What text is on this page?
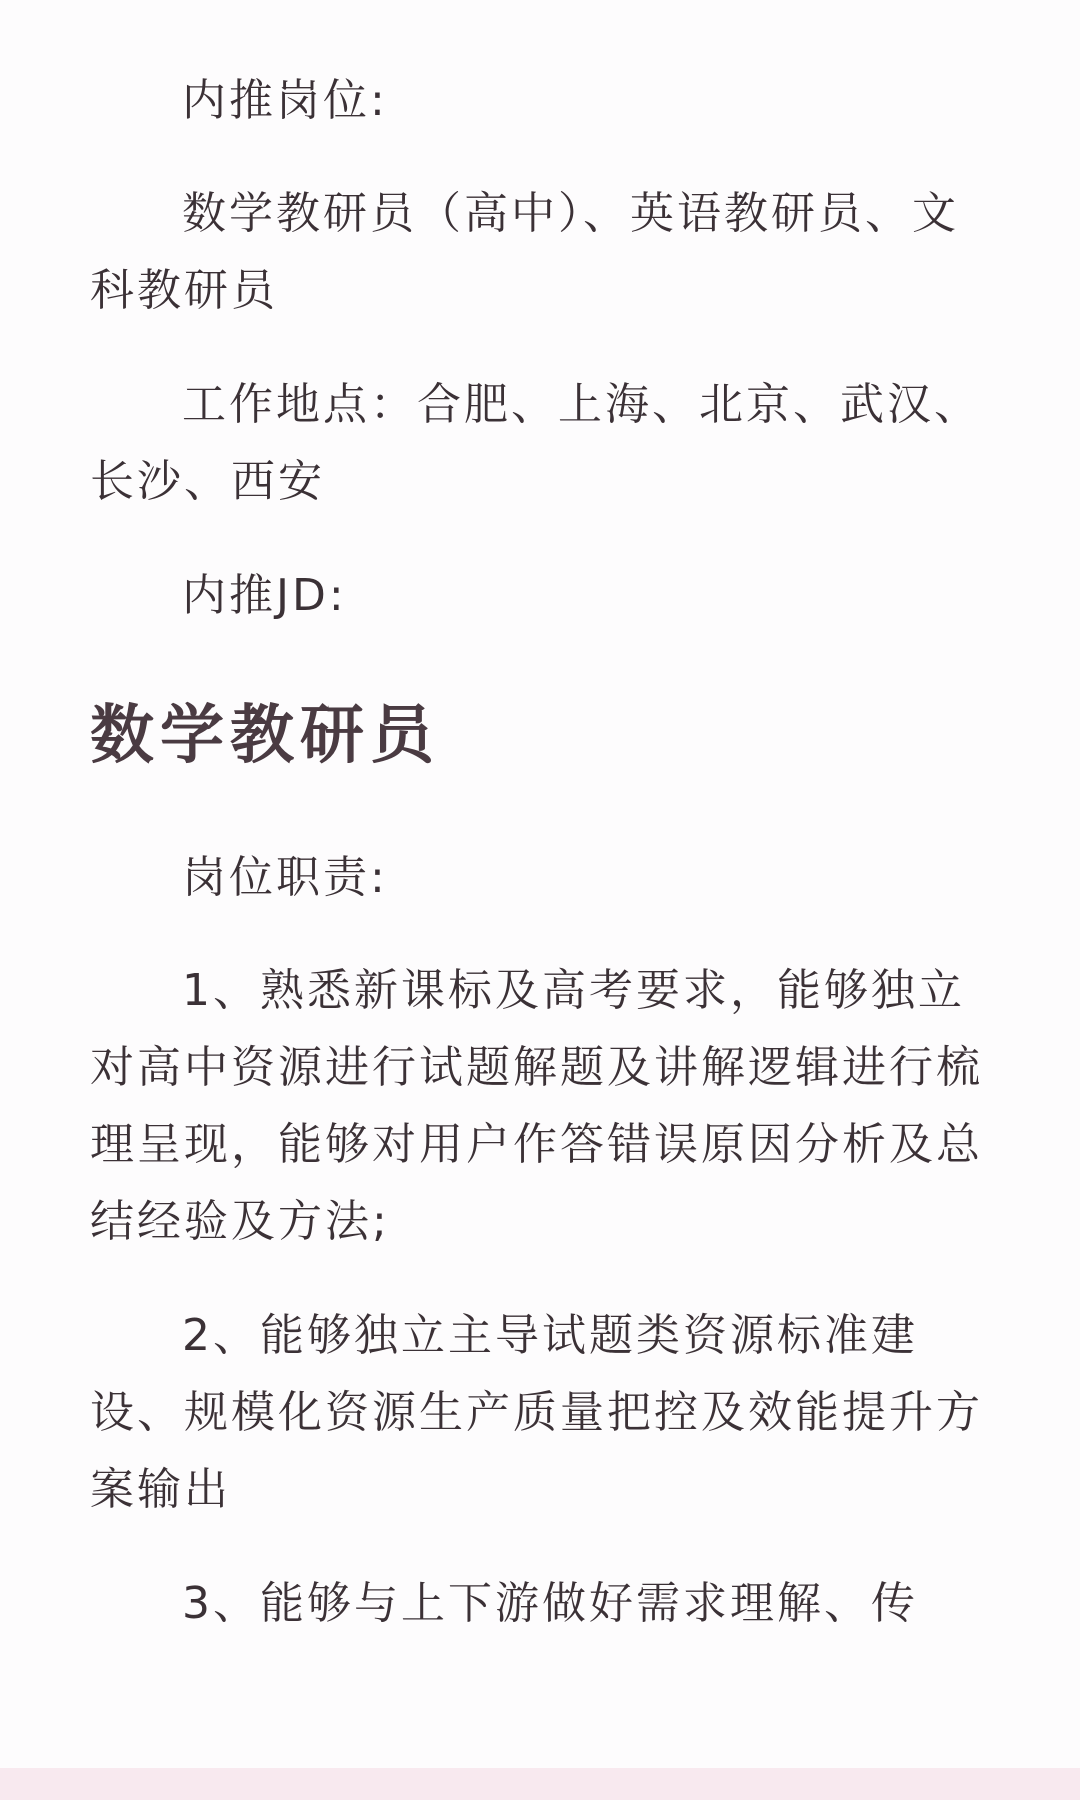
内推岗位:

数学教研员（高中）、英语教研员、文科教研员

工作地点：合肥、上海、北京、武汉、长沙、西安

内推JD:

数学教研员

岗位职责:

1、熟悉新课标及高考要求，能够独立对高中资源进行试题解题及讲解逻辑进行梳理呈现，能够对用户作答错误原因分析及总结经验及方法;

2、能够独立主导试题类资源标准建设、规模化资源生产质量把控及效能提升方案输出

3、能够与上下游做好需求理解、传
